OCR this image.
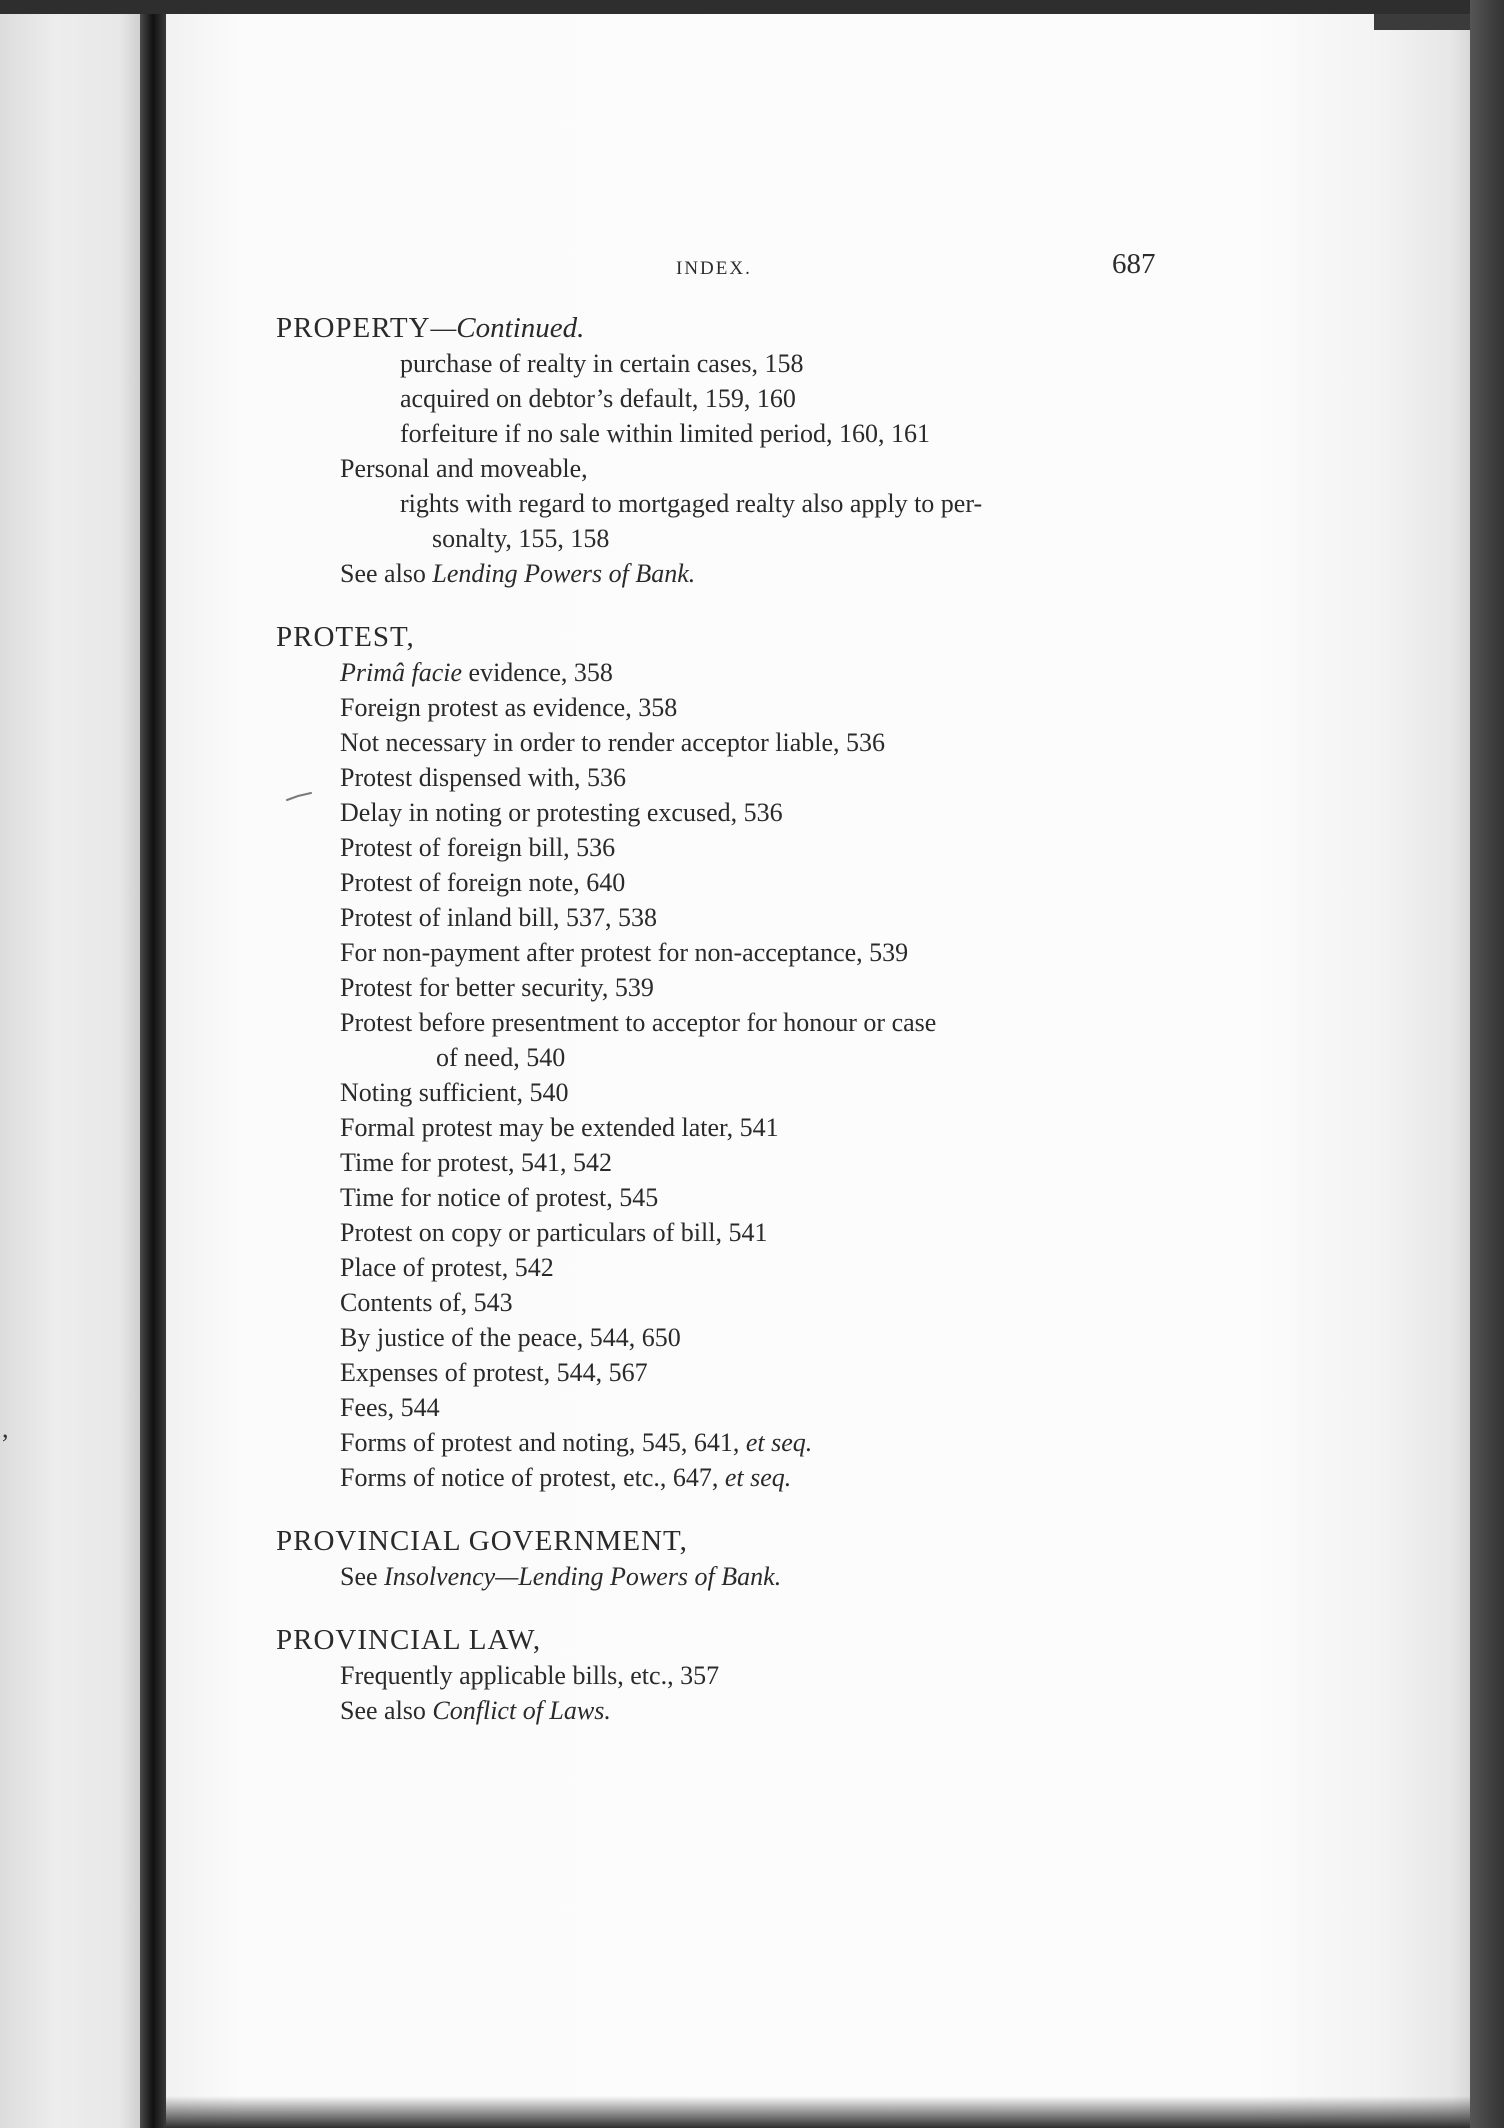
,
INDEX.	687
PROPERTY—Continued.
purchase of realty in certain cases, 158
acquired on debtor’s default, 159, 160
forfeiture if no sale within limited period, 160, 161
Personal and moveable,
rights with regard to mortgaged realty also apply to per-
sonalty, 155, 158
See also Lending Powers of Bank.
PROTEST,
Primâ facie evidence, 358
Foreign protest as evidence, 358
Not necessary in order to render acceptor liable, 536
Protest dispensed with, 536
Delay in noting or protesting excused, 536
Protest of foreign bill, 536
Protest of foreign note, 640
Protest of inland bill, 537, 538
For non-payment after protest for non-acceptance, 539
Protest for better security, 539
Protest before presentment to acceptor for honour or case
of need, 540
Noting sufficient, 540
Formal protest may be extended later, 541
Time for protest, 541, 542
Time for notice of protest, 545
Protest on copy or particulars of bill, 541
Place of protest, 542
Contents of, 543
By justice of the peace, 544, 650
Expenses of protest, 544, 567
Fees, 544
Forms of protest and noting, 545, 641, et seq.
Forms of notice of protest, etc., 647, et seq.
PROVINCIAL GOVERNMENT,
See Insolvency—Lending Powers of Bank.
PROVINCIAL LAW,
Frequently applicable bills, etc., 357
See also Conflict of Laws.
